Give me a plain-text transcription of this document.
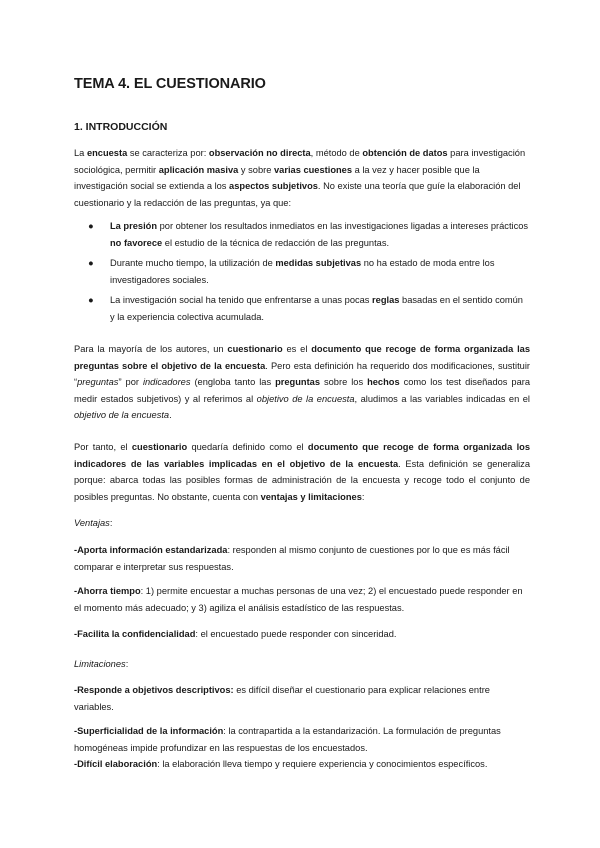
TEMA 4. EL CUESTIONARIO
1. INTRODUCCIÓN

La encuesta se caracteriza por: observación no directa, método de obtención de datos para investigación sociológica, permitir aplicación masiva y sobre varias cuestiones a la vez y hacer posible que la investigación social se extienda a los aspectos subjetivos. No existe una teoría que guíe la elaboración del cuestionario y la redacción de las preguntas, ya que:

● La presión por obtener los resultados inmediatos en las investigaciones ligadas a intereses prácticos no favorece el estudio de la técnica de redacción de las preguntas.
● Durante mucho tiempo, la utilización de medidas subjetivas no ha estado de moda entre los investigadores sociales.
● La investigación social ha tenido que enfrentarse a unas pocas reglas basadas en el sentido común y la experiencia colectiva acumulada.

Para la mayoría de los autores, un cuestionario es el documento que recoge de forma organizada las preguntas sobre el objetivo de la encuesta. Pero esta definición ha requerido dos modificaciones, sustituir “preguntas” por indicadores (engloba tanto las preguntas sobre los hechos como los test diseñados para medir estados subjetivos) y al referimos al objetivo de la encuesta, aludimos a las variables indicadas en el objetivo de la encuesta.

Por tanto, el cuestionario quedaría definido como el documento que recoge de forma organizada los indicadores de las variables implicadas en el objetivo de la encuesta. Esta definición se generaliza porque: abarca todas las posibles formas de administración de la encuesta y recoge todo el conjunto de posibles preguntas. No obstante, cuenta con ventajas y limitaciones:

Ventajas:

-Aporta información estandarizada: responden al mismo conjunto de cuestiones por lo que es más fácil comparar e interpretar sus respuestas.

-Ahorra tiempo: 1) permite encuestar a muchas personas de una vez; 2) el encuestado puede responder en el momento más adecuado; y 3) agiliza el análisis estadístico de las respuestas.

-Facilita la confidencialidad: el encuestado puede responder con sinceridad.

Limitaciones:

-Responde a objetivos descriptivos: es difícil diseñar el cuestionario para explicar relaciones entre variables.

-Superficialidad de la información: la contrapartida a la estandarización. La formulación de preguntas homogéneas impide profundizar en las respuestas de los encuestados.

-Difícil elaboración: la elaboración lleva tiempo y requiere experiencia y conocimientos específicos.
